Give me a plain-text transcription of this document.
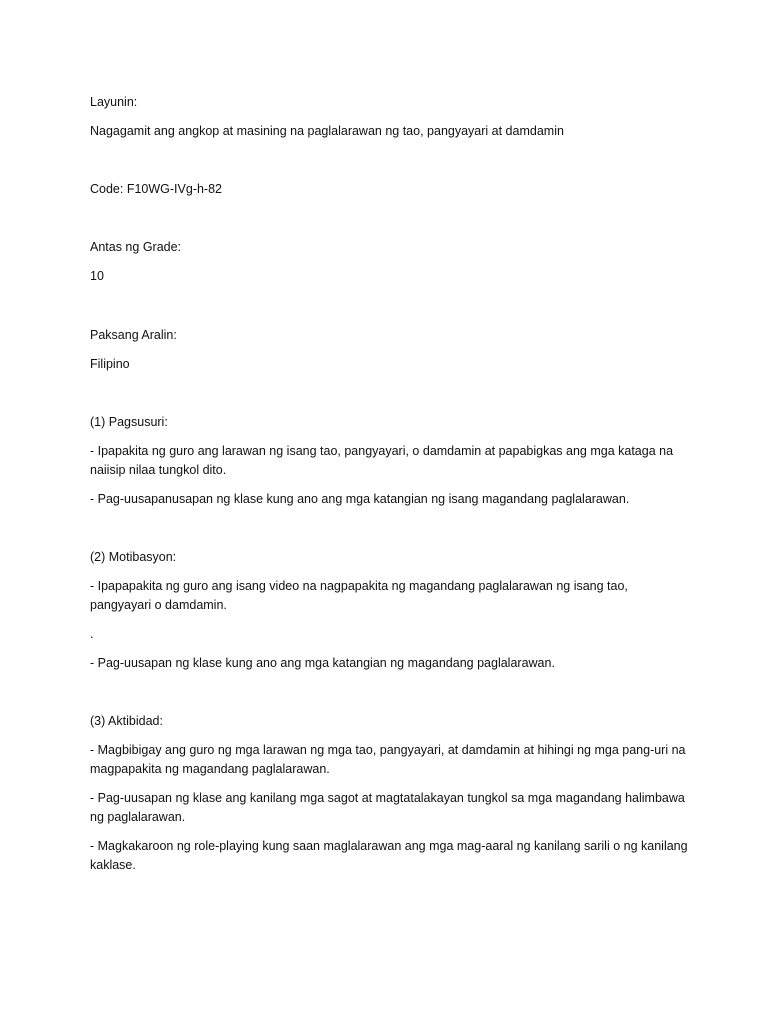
Layunin:
Nagagamit ang angkop at masining na paglalarawan ng tao, pangyayari at damdamin
Code: F10WG-IVg-h-82
Antas ng Grade:
10
Paksang Aralin:
Filipino
(1) Pagsusuri:
- Ipapakita ng guro ang larawan ng isang tao, pangyayari, o damdamin at papabigkas ang mga kataga na naiisip nilaa tungkol dito.
- Pag-uusapanusapan ng klase kung ano ang mga katangian ng isang magandang paglalarawan.
(2) Motibasyon:
- Ipapapakita ng guro ang isang video na nagpapakita ng magandang paglalarawan ng isang tao, pangyayari o damdamin.
.
- Pag-uusapan ng klase kung ano ang mga katangian ng magandang paglalarawan.
(3) Aktibidad:
- Magbibigay ang guro ng mga larawan ng mga tao, pangyayari, at damdamin at hihingi ng mga pang-uri na magpapakita ng magandang paglalarawan.
- Pag-uusapan ng klase ang kanilang mga sagot at magtatalakayan tungkol sa mga magandang halimbawa ng paglalarawan.
- Magkakaroon ng role-playing kung saan maglalarawan ang mga mag-aaral ng kanilang sarili o ng kanilang kaklase.
